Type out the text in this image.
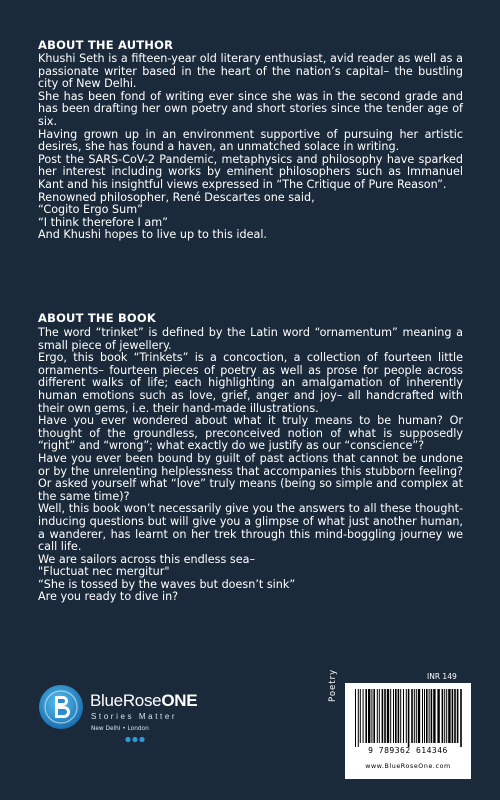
ABOUT THE AUTHOR

Khushi Seth is a fifteen-year old literary enthusiast, avid reader as well as a passionate writer based in the heart of the nation’s capital– the bustling city of New Delhi.

She has been fond of writing ever since she was in the second grade and has been drafting her own poetry and short stories since the tender age of six.

Having grown up in an environment supportive of pursuing her artistic desires, she has found a haven, an unmatched solace in writing.

Post the SARS-CoV-2 Pandemic, metaphysics and philosophy have sparked her interest including works by eminent philosophers such as Immanuel Kant and his insightful views expressed in “The Critique of Pure Reason”.

Renowned philosopher, René Descartes one said,

“Cogito Ergo Sum”

“I think therefore I am”

And Khushi hopes to live up to this ideal.

ABOUT THE BOOK

The word “trinket” is defined by the Latin word “ornamentum” meaning a small piece of jewellery.

Ergo, this book “Trinkets” is a concoction, a collection of fourteen little ornaments– fourteen pieces of poetry as well as prose for people across different walks of life; each highlighting an amalgamation of inherently human emotions such as love, grief, anger and joy– all handcrafted with their own gems, i.e. their hand-made illustrations.

Have you ever wondered about what it truly means to be human? Or thought of the groundless, preconceived notion of what is supposedly “right” and “wrong”; what exactly do we justify as our “conscience”?

Have you ever been bound by guilt of past actions that cannot be undone or by the unrelenting helplessness that accompanies this stubborn feeling? Or asked yourself what “love” truly means (being so simple and complex at the same time)?

Well, this book won’t necessarily give you the answers to all these thought-inducing questions but will give you a glimpse of what just another human, a wanderer, has learnt on her trek through this mind-boggling journey we call life.

We are sailors across this endless sea–

"Fluctuat nec mergitur"

“She is tossed by the waves but doesn’t sink”

Are you ready to dive in?

BlueRoseONE
Stories Matter
New Delhi • London
Poetry	INR 149
9 789362 614346
www.BlueRoseOne.com
